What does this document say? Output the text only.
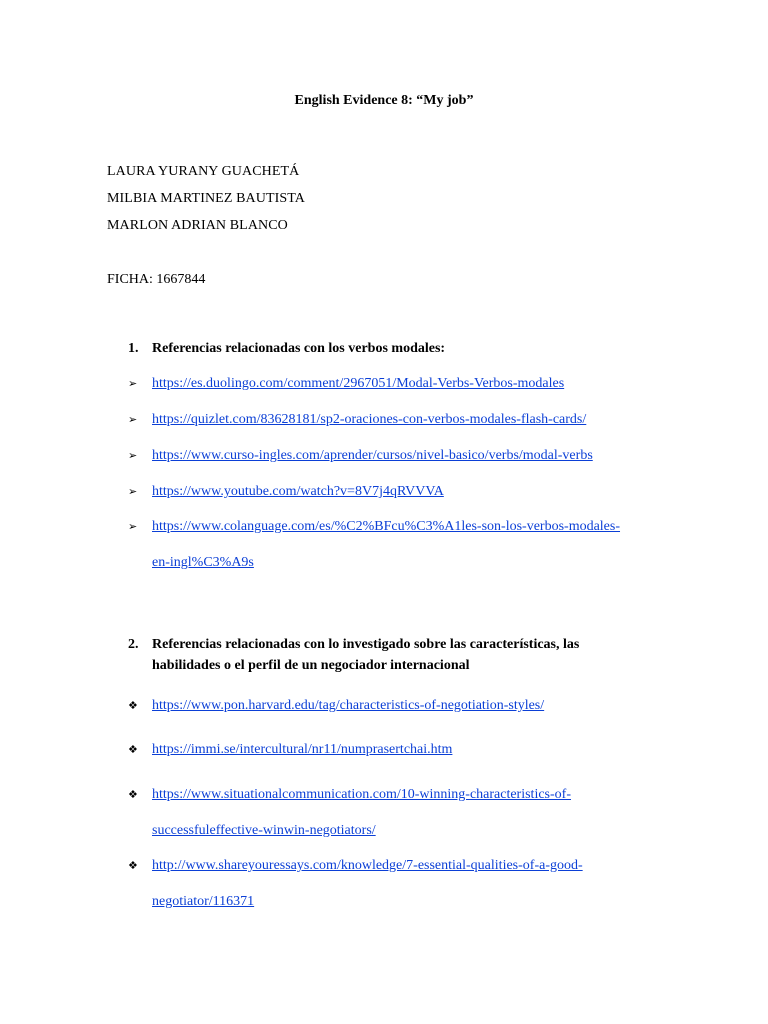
English Evidence 8: “My job”
LAURA YURANY GUACHETÁ
MILBIA MARTINEZ BAUTISTA
MARLON ADRIAN BLANCO
FICHA: 1667844
1. Referencias relacionadas con los verbos modales:
➢	https://es.duolingo.com/comment/2967051/Modal-Verbs-Verbos-modales
➢	https://quizlet.com/83628181/sp2-oraciones-con-verbos-modales-flash-cards/
➢	https://www.curso-ingles.com/aprender/cursos/nivel-basico/verbs/modal-verbs
➢	https://www.youtube.com/watch?v=8V7j4qRVVVA
➢	https://www.colanguage.com/es/%C2%BFcu%C3%A1les-son-los-verbos-modales-
en-ingl%C3%A9s
2. Referencias relacionadas con lo investigado sobre las características, las habilidades o el perfil de un negociador internacional
❖	https://www.pon.harvard.edu/tag/characteristics-of-negotiation-styles/
❖	https://immi.se/intercultural/nr11/numprasertchai.htm
❖	https://www.situationalcommunication.com/10-winning-characteristics-of-
successfuleffective-winwin-negotiators/
❖	http://www.shareyouressays.com/knowledge/7-essential-qualities-of-a-good-
negotiator/116371
